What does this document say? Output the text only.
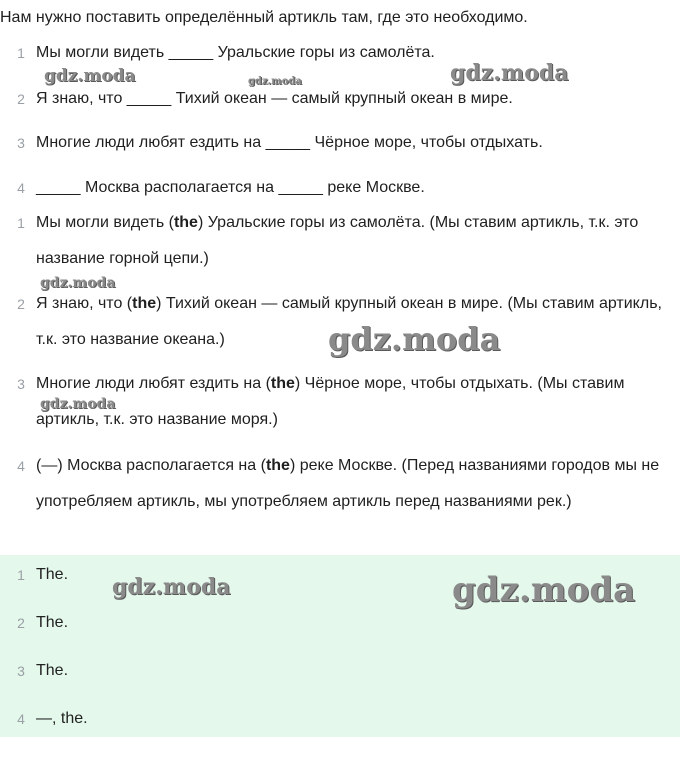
Нам нужно поставить определённый артикль там, где это необходимо.
1 Мы могли видеть _____ Уральские горы из самолёта.
2 Я знаю, что _____ Тихий океан — самый крупный океан в мире.
3 Многие люди любят ездить на _____ Чёрное море, чтобы отдыхать.
4 _____ Москва располагается на _____ реке Москве.
1 Мы могли видеть (the) Уральские горы из самолёта. (Мы ставим артикль, т.к. это название горной цепи.)
2 Я знаю, что (the) Тихий океан — самый крупный океан в мире. (Мы ставим артикль, т.к. это название океана.)
3 Многие люди любят ездить на (the) Чёрное море, чтобы отдыхать. (Мы ставим артикль, т.к. это название моря.)
4 (—) Москва располагается на (the) реке Москве. (Перед названиями городов мы не употребляем артикль, мы употребляем артикль перед названиями рек.)
1 The.
2 The.
3 The.
4 —, the.
gdz.moda	gdz.moda	gdz.moda
gdz.moda
gdz.moda
gdz.moda
gdz.moda	gdz.moda
